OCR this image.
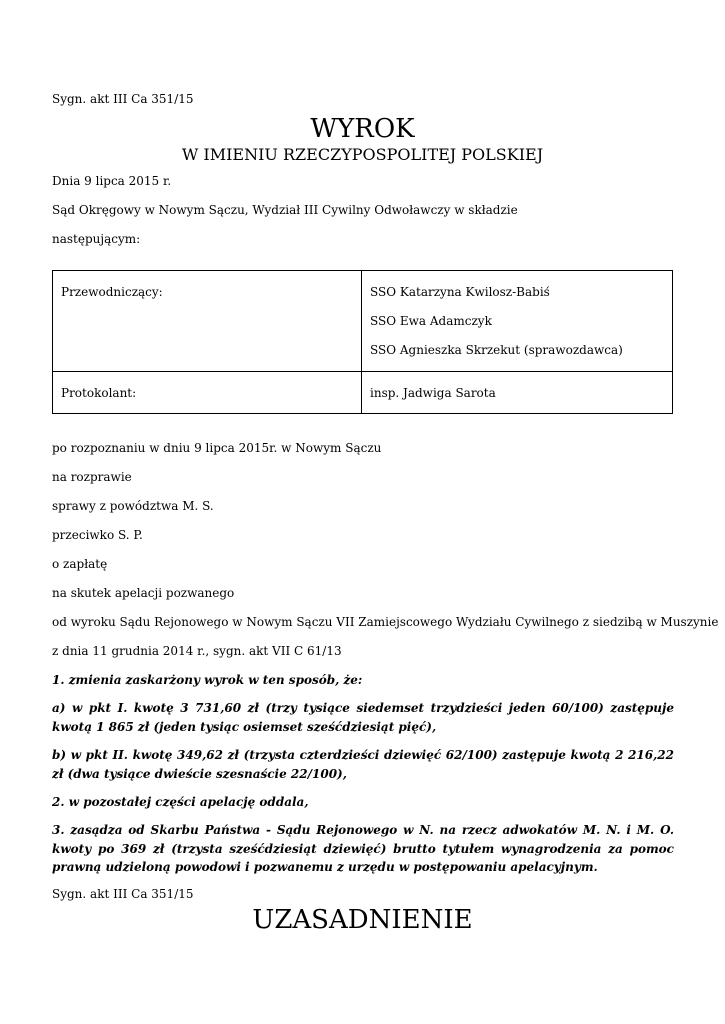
Sygn. akt III Ca 351/15
WYROK
W IMIENIU RZECZYPOSPOLITEJ POLSKIEJ
Dnia 9 lipca 2015 r.
Sąd Okręgowy w Nowym Sączu, Wydział III Cywilny Odwoławczy w składzie
następującym:
Przewodniczący:	SSO Katarzyna Kwilosz-Babiś
SSO Ewa Adamczyk
SSO Agnieszka Skrzekut (sprawozdawca)

Protokolant:	insp. Jadwiga Sarota
po rozpoznaniu w dniu 9 lipca 2015r. w Nowym Sączu
na rozprawie
sprawy z powództwa M. S.
przeciwko S. P.
o zapłatę
na skutek apelacji pozwanego
od wyroku Sądu Rejonowego w Nowym Sączu VII Zamiejscowego Wydziału Cywilnego z siedzibą w Muszynie
z dnia 11 grudnia 2014 r., sygn. akt VII C 61/13
1. zmienia zaskarżony wyrok w ten sposób, że:
a) w pkt I. kwotę 3 731,60 zł (trzy tysiące siedemset trzydzieści jeden 60/100) zastępuje kwotą 1 865 zł (jeden tysiąc osiemset sześćdziesiąt pięć),
b) w pkt II. kwotę 349,62 zł (trzysta czterdzieści dziewięć 62/100) zastępuje kwotą 2 216,22 zł (dwa tysiące dwieście szesnaście 22/100),
2. w pozostałej części apelację oddala,
3. zasądza od Skarbu Państwa - Sądu Rejonowego w N. na rzecz adwokatów M. N. i M. O. kwoty po 369 zł (trzysta sześćdziesiąt dziewięć) brutto tytułem wynagrodzenia za pomoc prawną udzieloną powodowi i pozwanemu z urzędu w postępowaniu apelacyjnym.
Sygn. akt III Ca 351/15
UZASADNIENIE
